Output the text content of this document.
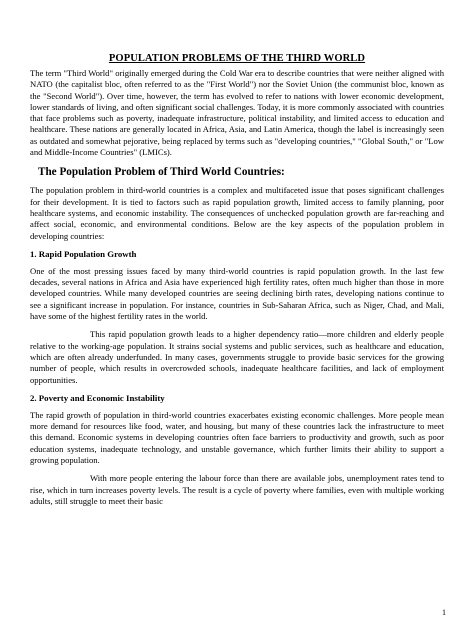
POPULATION PROBLEMS OF THE THIRD WORLD

The term "Third World" originally emerged during the Cold War era to describe countries that were neither aligned with NATO (the capitalist bloc, often referred to as the "First World") nor the Soviet Union (the communist bloc, known as the "Second World"). Over time, however, the term has evolved to refer to nations with lower economic development, lower standards of living, and often significant social challenges. Today, it is more commonly associated with countries that face problems such as poverty, inadequate infrastructure, political instability, and limited access to education and healthcare. These nations are generally located in Africa, Asia, and Latin America, though the label is increasingly seen as outdated and somewhat pejorative, being replaced by terms such as "developing countries," "Global South," or "Low and Middle-Income Countries" (LMICs).

The Population Problem of Third World Countries:

The population problem in third-world countries is a complex and multifaceted issue that poses significant challenges for their development. It is tied to factors such as rapid population growth, limited access to family planning, poor healthcare systems, and economic instability. The consequences of unchecked population growth are far-reaching and affect social, economic, and environmental conditions. Below are the key aspects of the population problem in developing countries:

1. Rapid Population Growth

One of the most pressing issues faced by many third-world countries is rapid population growth. In the last few decades, several nations in Africa and Asia have experienced high fertility rates, often much higher than those in more developed countries. While many developed countries are seeing declining birth rates, developing nations continue to see a significant increase in population. For instance, countries in Sub-Saharan Africa, such as Niger, Chad, and Mali, have some of the highest fertility rates in the world.

This rapid population growth leads to a higher dependency ratio—more children and elderly people relative to the working-age population. It strains social systems and public services, such as healthcare and education, which are often already underfunded. In many cases, governments struggle to provide basic services for the growing number of people, which results in overcrowded schools, inadequate healthcare facilities, and lack of employment opportunities.

2. Poverty and Economic Instability

The rapid growth of population in third-world countries exacerbates existing economic challenges. More people mean more demand for resources like food, water, and housing, but many of these countries lack the infrastructure to meet this demand. Economic systems in developing countries often face barriers to productivity and growth, such as poor education systems, inadequate technology, and unstable governance, which further limits their ability to support a growing population.

With more people entering the labour force than there are available jobs, unemployment rates tend to rise, which in turn increases poverty levels. The result is a cycle of poverty where families, even with multiple working adults, still struggle to meet their basic

1
